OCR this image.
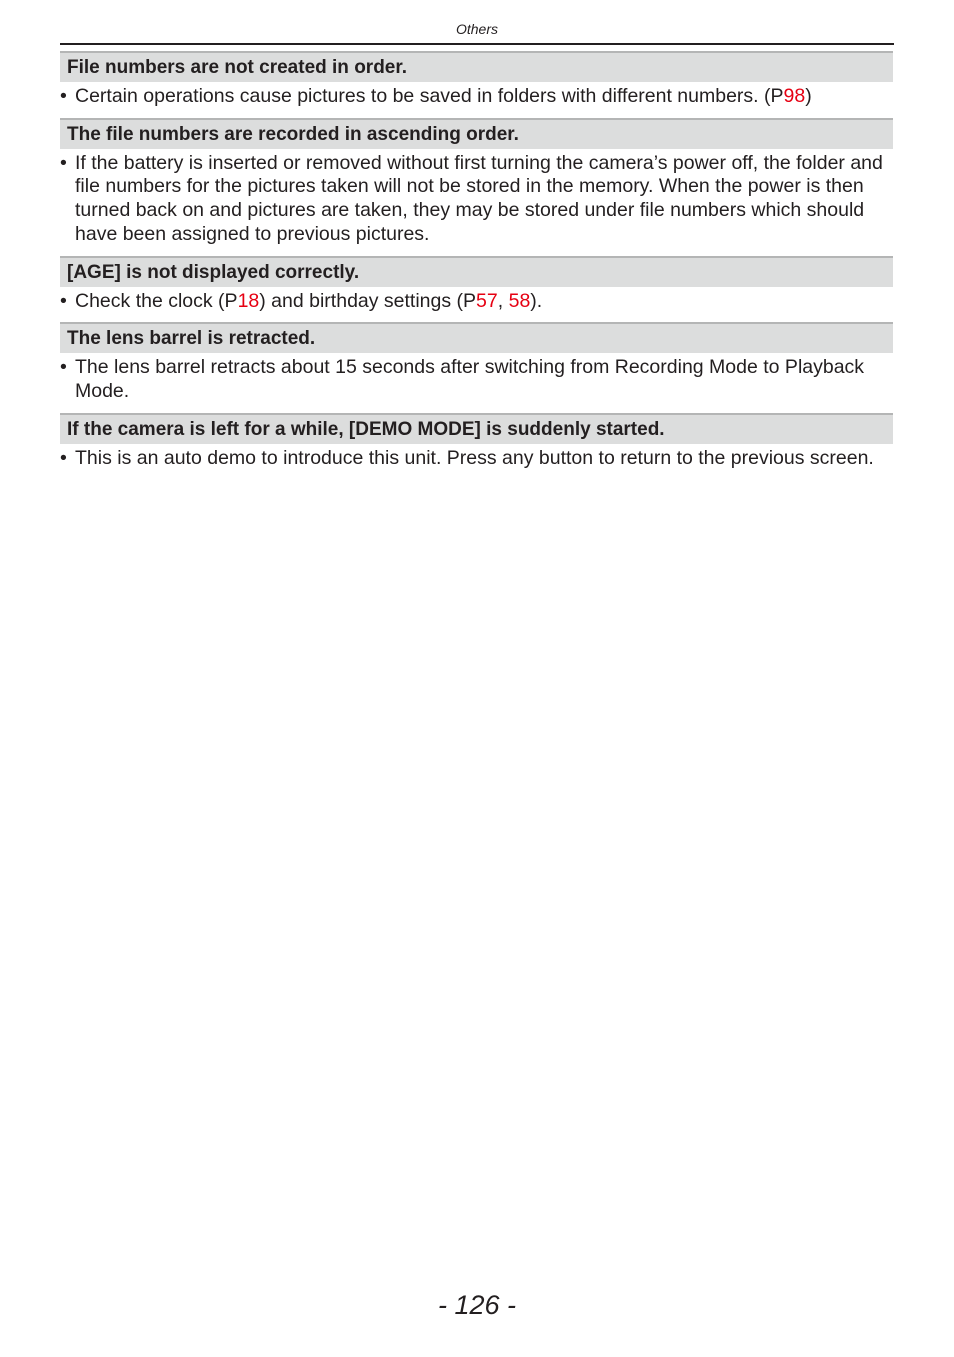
Others
File numbers are not created in order.
• Certain operations cause pictures to be saved in folders with different numbers. (P98)
The file numbers are recorded in ascending order.
• If the battery is inserted or removed without first turning the camera’s power off, the folder and file numbers for the pictures taken will not be stored in the memory. When the power is then turned back on and pictures are taken, they may be stored under file numbers which should have been assigned to previous pictures.
[AGE] is not displayed correctly.
• Check the clock (P18) and birthday settings (P57, 58).
The lens barrel is retracted.
• The lens barrel retracts about 15 seconds after switching from Recording Mode to Playback Mode.
If the camera is left for a while, [DEMO MODE] is suddenly started.
• This is an auto demo to introduce this unit. Press any button to return to the previous screen.
- 126 -
